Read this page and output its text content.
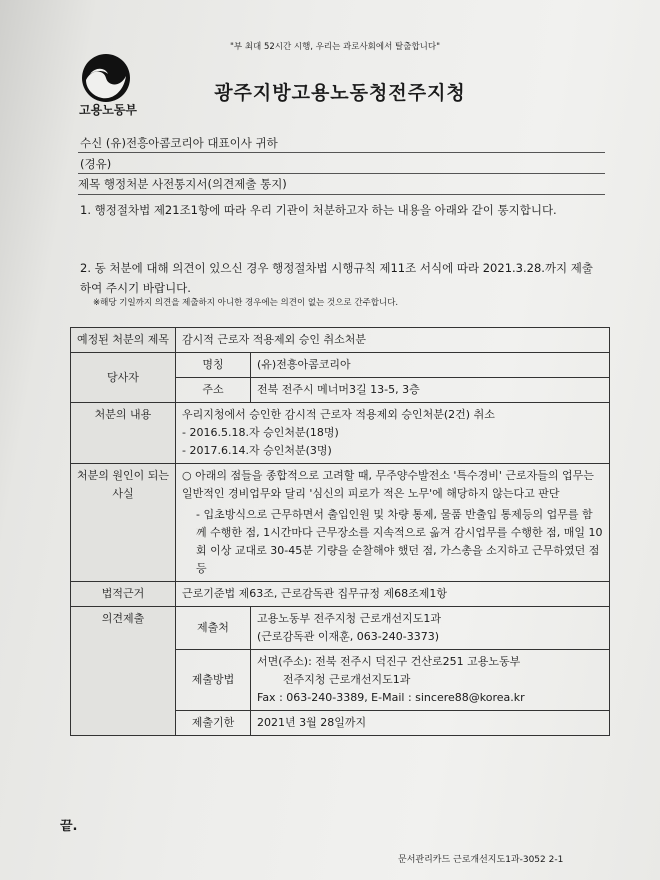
"부 최대 52시간 시행, 우리는 과로사회에서 탈출합니다"
고용노동부
광주지방고용노동청전주지청
수신 (유)전흥아콤코리아 대표이사 귀하
(경유)
제목 행정처분 사전통지서(의견제출 통지)
1. 행정절차법 제21조1항에 따라 우리 기관이 처분하고자 하는 내용을 아래와 같이 통지합니다.
2. 동 처분에 대해 의견이 있으신 경우 행정절차법 시행규칙 제11조 서식에 따라 2021.3.28.까지 제출하여 주시기 바랍니다.
※해당 기일까지 의견을 제출하지 아니한 경우에는 의견이 없는 것으로 간주합니다.
예정된 처분의 제목	감시적 근로자 적용제외 승인 취소처분	
당사자	명칭	(유)전흥아콤코리아
	주소	전북 전주시 메너머3길 13-5, 3층
처분의 내용	우리지청에서 승인한 감시적 근로자 적용제외 승인처분(2건) 취소
- 2016.5.18.자 승인처분(18명)
- 2017.6.14.자 승인처분(3명)	

처분의 원인이 되는 사실	○ 아래의 점들을 종합적으로 고려할 때, 무주양수발전소 '특수경비' 근로자들의 업무는 일반적인 경비업무와 달리 '심신의 피로가 적은 노무'에 해당하지 않는다고 판단
- 입초방식으로 근무하면서 출입인원 및 차량 통제, 물품 반출입 통제등의 업무를 함께 수행한 점, 1시간마다 근무장소를 지속적으로 옮겨 감시업무를 수행한 점, 매일 10회 이상 교대로 30-45분 기량을 순찰해야 했던 점, 가스총을 소지하고 근무하였던 점 등	

법적근거	근로기준법 제63조, 근로감독관 집무규정 제68조제1항	
의견제출	제출처	고용노동부 전주지청 근로개선지도1과
(근로감독관 이재훈, 063-240-3373)

	제출방법	서면(주소): 전북 전주시 덕진구 건산로251 고용노동부
전주지청 근로개선지도1과
Fax : 063-240-3389, E-Mail : sincere88@korea.kr

	제출기한	2021년 3월 28일까지
끝.
문서관리카드 근로개선지도1과-3052 2-1
